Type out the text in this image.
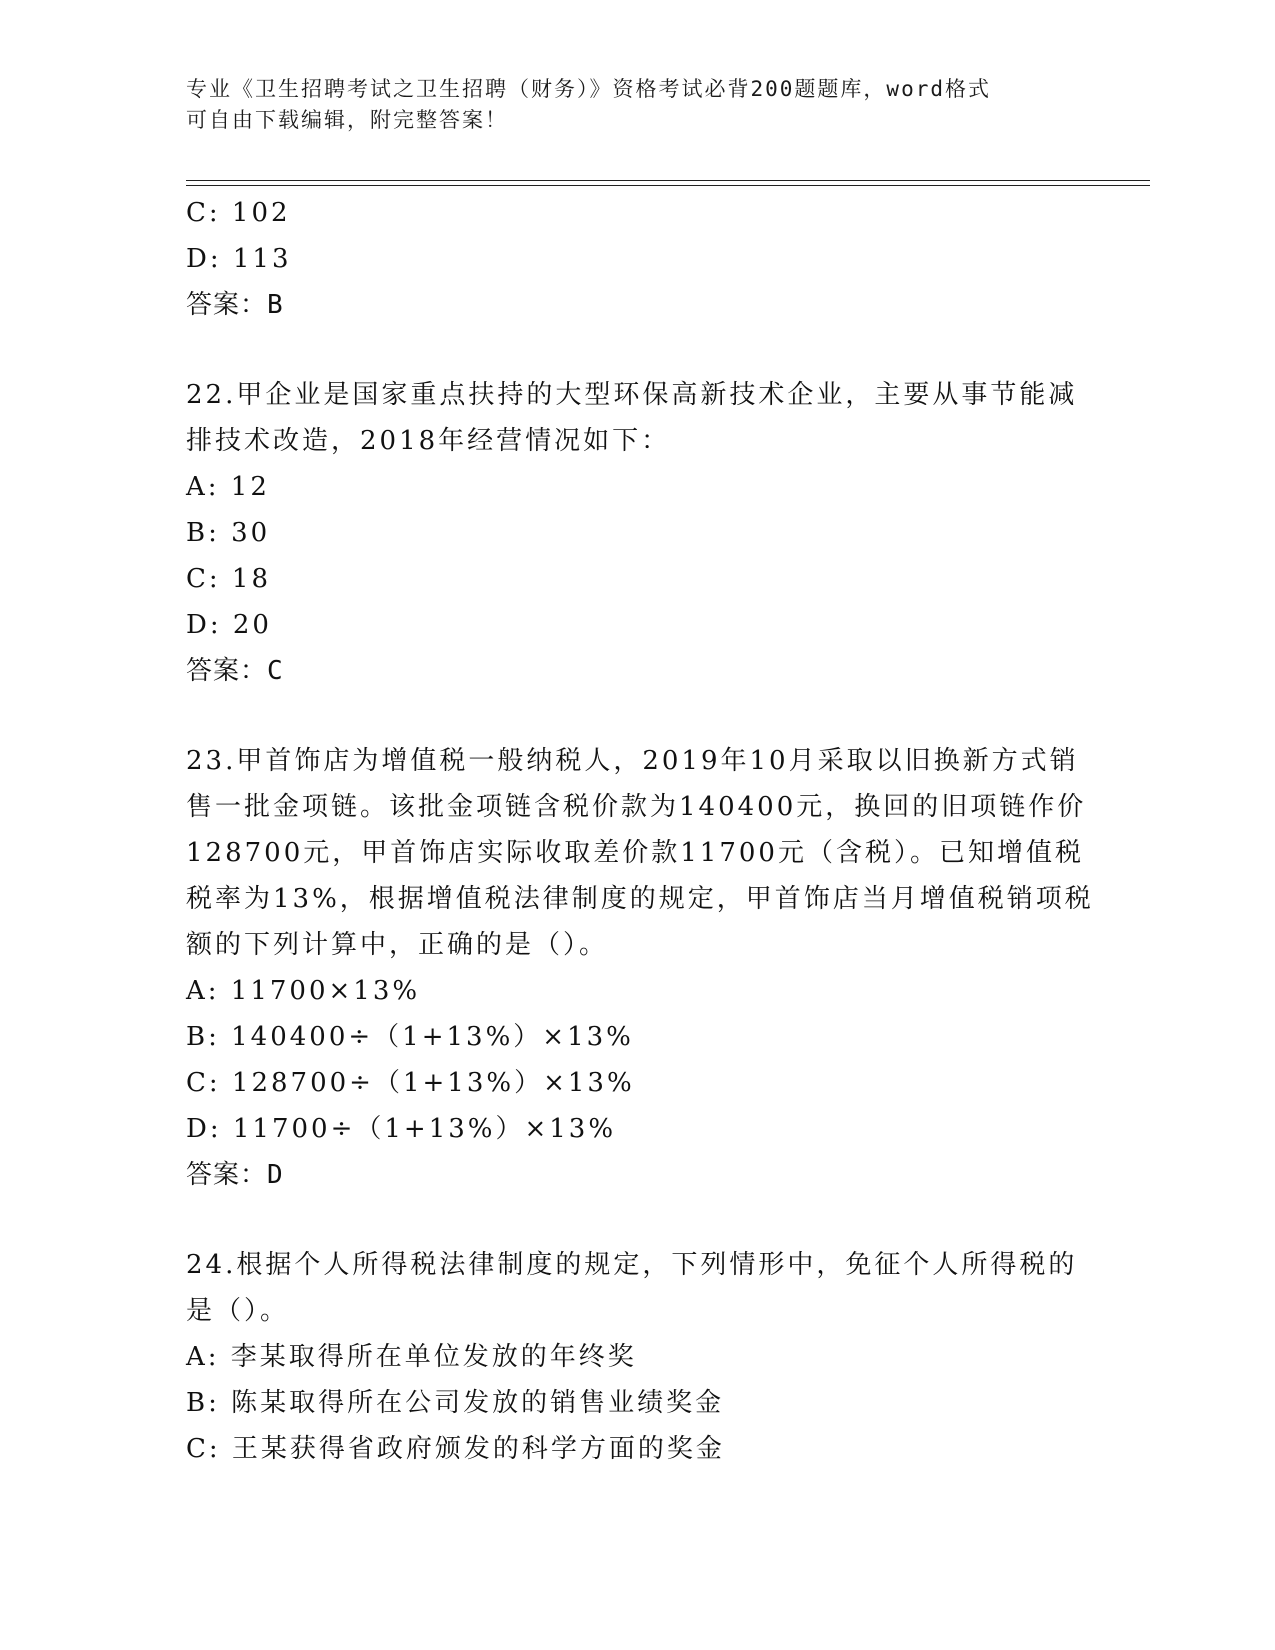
专业《卫生招聘考试之卫生招聘（财务）》资格考试必背200题题库，word格式
可自由下载编辑，附完整答案！
C: 102
D: 113
答案：B
22.甲企业是国家重点扶持的大型环保高新技术企业，主要从事节能减
排技术改造，2018年经营情况如下：
A: 12
B: 30
C: 18
D: 20
答案：C
23.甲首饰店为增值税一般纳税人，2019年10月采取以旧换新方式销
售一批金项链。该批金项链含税价款为140400元，换回的旧项链作价
128700元，甲首饰店实际收取差价款11700元（含税）。已知增值税
税率为13%，根据增值税法律制度的规定，甲首饰店当月增值税销项税
额的下列计算中，正确的是（）。
A: 11700×13%
B: 140400÷（1+13%）×13%
C: 128700÷（1+13%）×13%
D: 11700÷（1+13%）×13%
答案：D
24.根据个人所得税法律制度的规定，下列情形中，免征个人所得税的
是（）。
A: 李某取得所在单位发放的年终奖
B: 陈某取得所在公司发放的销售业绩奖金
C: 王某获得省政府颁发的科学方面的奖金
